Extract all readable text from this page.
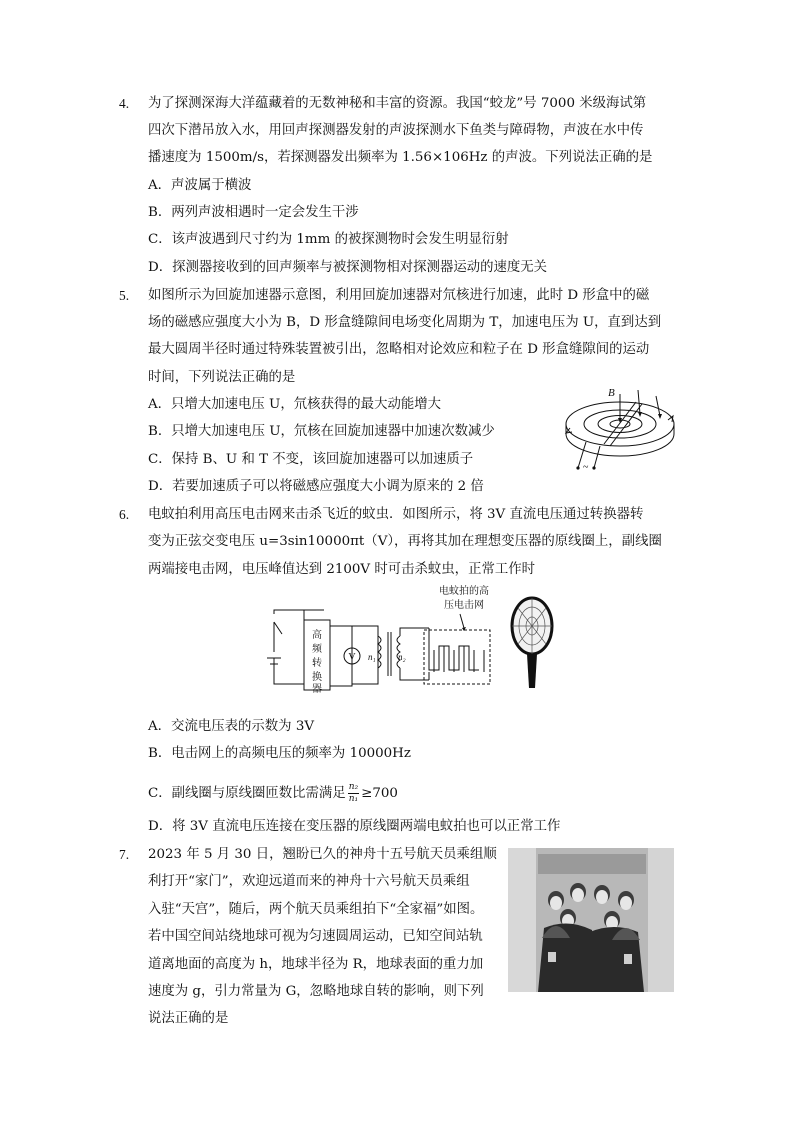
4. 为了探测深海大洋蕴藏着的无数神秘和丰富的资源。我国“蛟龙”号 7000 米级海试第
四次下潜吊放入水，用回声探测器发射的声波探测水下鱼类与障碍物，声波在水中传
播速度为 1500m/s，若探测器发出频率为 1.56×106Hz 的声波。下列说法正确的是
A．声波属于横波
B．两列声波相遇时一定会发生干涉
C．该声波遇到尺寸约为 1mm 的被探测物时会发生明显衍射
D．探测器接收到的回声频率与被探测物相对探测器运动的速度无关
5. 如图所示为回旋加速器示意图，利用回旋加速器对氘核进行加速，此时 D 形盒中的磁
场的磁感应强度大小为 B，D 形盒缝隙间电场变化周期为 T，加速电压为 U，直到达到
最大圆周半径时通过特殊装置被引出，忽略相对论效应和粒子在 D 形盒缝隙间的运动
时间，下列说法正确的是
A．只增大加速电压 U，氘核获得的最大动能增大
B．只增大加速电压 U，氘核在回旋加速器中加速次数减少
C．保持 B、U 和 T 不变，该回旋加速器可以加速质子
D．若要加速质子可以将磁感应强度大小调为原来的 2 倍
B
~
6. 电蚊拍利用高压电击网来击杀飞近的蚊虫．如图所示，将 3V 直流电压通过转换器转
变为正弦交变电压 u=3sin10000πt（V），再将其加在理想变压器的原线圈上，副线圈
两端接电击网，电压峰值达到 2100V 时可击杀蚊虫，正常工作时
V n₁ n₂
高
频
转
换
器
电蚊拍的高
压电击网
A．交流电压表的示数为 3V
B．电击网上的高频电压的频率为 10000Hz
C．副线圈与原线圈匝数比需满足 $\frac{\text{n₂}}{\text{n₁}} \ge 700$
D．将 3V 直流电压连接在变压器的原线圈两端电蚊拍也可以正常工作
7. 2023 年 5 月 30 日，翘盼已久的神舟十五号航天员乘组顺
利打开“家门”，欢迎远道而来的神舟十六号航天员乘组
入驻“天宫”，随后，两个航天员乘组拍下“全家福”如图。
若中国空间站绕地球可视为匀速圆周运动，已知空间站轨
道离地面的高度为 h，地球半径为 R，地球表面的重力加
速度为 g，引力常量为 G，忽略地球自转的影响，则下列
说法正确的是
